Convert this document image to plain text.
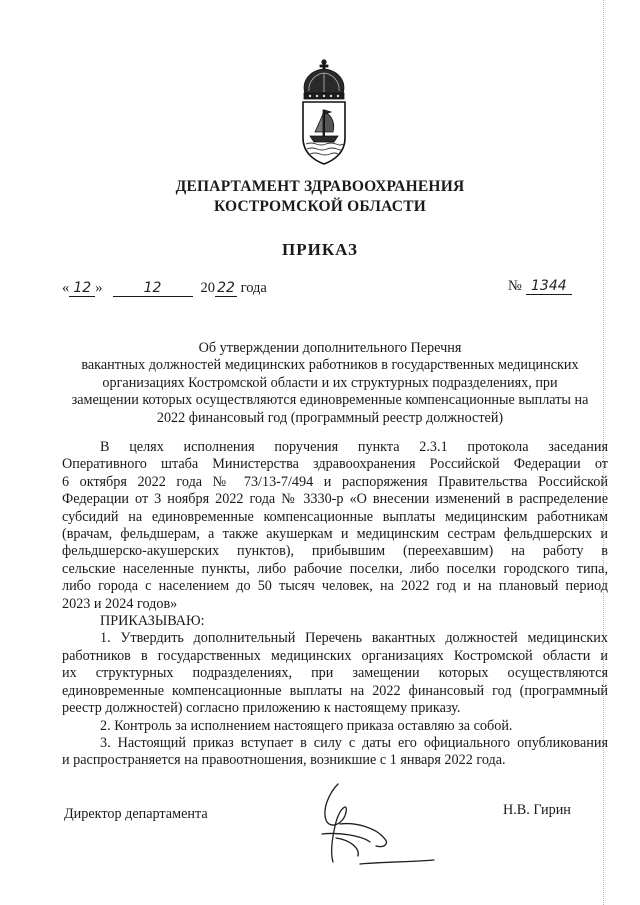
ДЕПАРТАМЕНТ ЗДРАВООХРАНЕНИЯ
КОСТРОМСКОЙ ОБЛАСТИ
ПРИКАЗ
« 12 »	12	20 22 года	№ 1344
Об утверждении дополнительного Перечня
вакантных должностей медицинских работников в государственных медицинских
организациях Костромской области и их структурных подразделениях, при
замещении которых осуществляются единовременные компенсационные выплаты на
2022 финансовый год (программный реестр должностей)
В целях исполнения поручения пункта 2.3.1 протокола заседания
Оперативного штаба Министерства здравоохранения Российской Федерации от
6 октября 2022 года № 73/13-7/494 и распоряжения Правительства Российской
Федерации от 3 ноября 2022 года № 3330-р «О внесении изменений в распределение
субсидий на единовременные компенсационные выплаты медицинским работникам
(врачам, фельдшерам, а также акушеркам и медицинским сестрам фельдшерских и
фельдшерско-акушерских пунктов), прибывшим (переехавшим) на работу в
сельские населенные пункты, либо рабочие поселки, либо поселки городского типа,
либо города с населением до 50 тысяч человек, на 2022 год и на плановый период
2023 и 2024 годов»
ПРИКАЗЫВАЮ:
1. Утвердить дополнительный Перечень вакантных должностей медицинских
работников в государственных медицинских организациях Костромской области и
их структурных подразделениях, при замещении которых осуществляются
единовременные компенсационные выплаты на 2022 финансовый год (программный
реестр должностей) согласно приложению к настоящему приказу.
2. Контроль за исполнением настоящего приказа оставляю за собой.
3. Настоящий приказ вступает в силу с даты его официального опубликования
и распространяется на правоотношения, возникшие с 1 января 2022 года.
Директор департамента	Н.В. Гирин
